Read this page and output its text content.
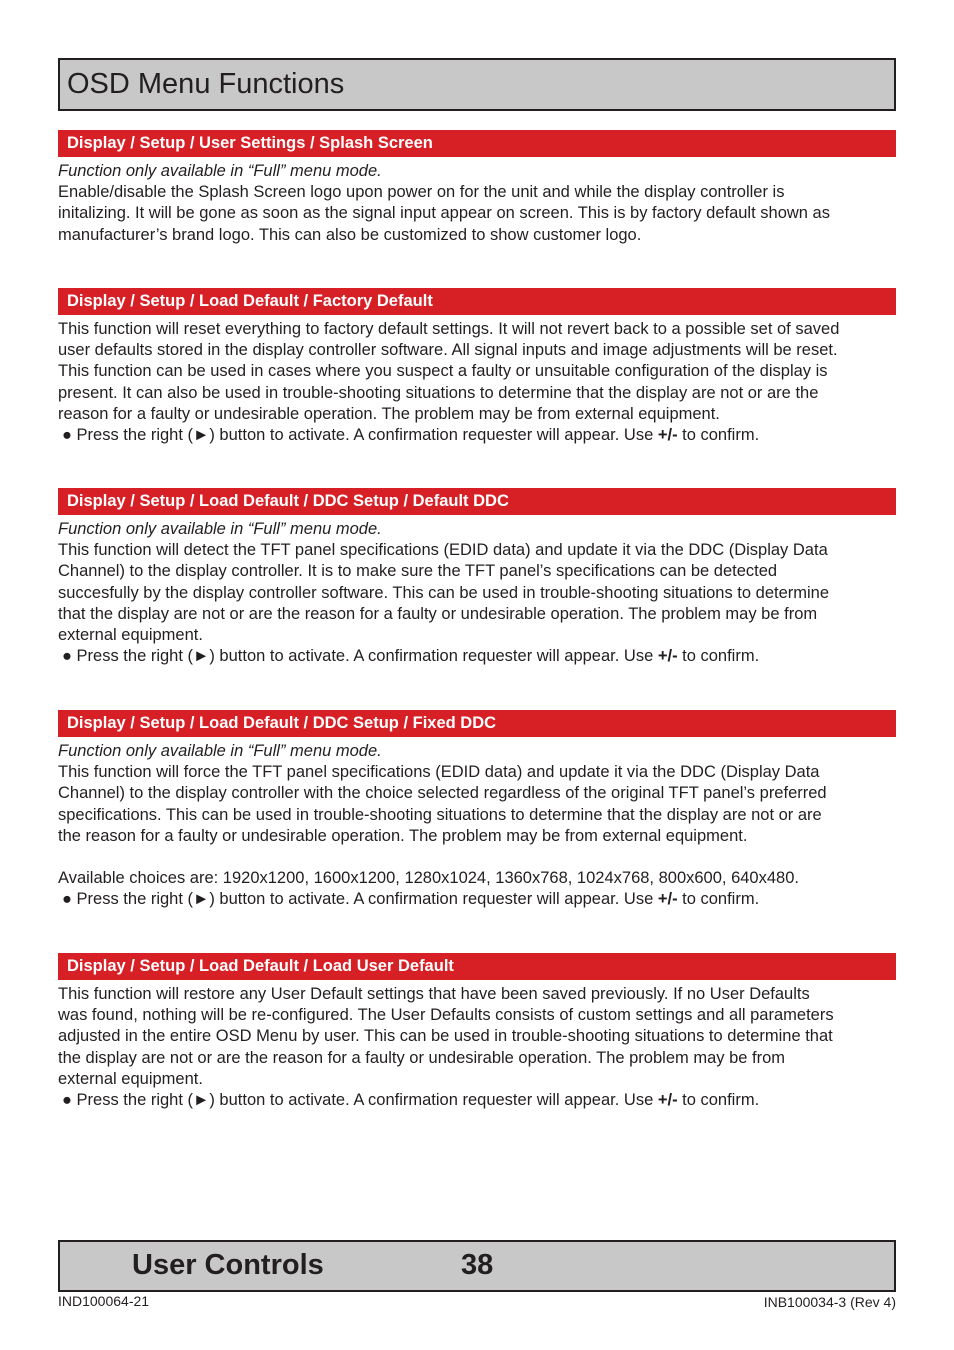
OSD Menu Functions
Display / Setup / User Settings / Splash Screen

Function only available in “Full” menu mode.

Enable/disable the Splash Screen logo upon power on for the unit and while the display controller is

initalizing. It will be gone as soon as the signal input appear on screen. This is by factory default shown as

manufacturer’s brand logo. This can also be customized to show customer logo.

Display / Setup / Load Default / Factory Default

This function will reset everything to factory default settings. It will not revert back to a possible set of saved

user defaults stored in the display controller software. All signal inputs and image adjustments will be reset.

This function can be used in cases where you suspect a faulty or unsuitable configuration of the display is

present. It can also be used in trouble-shooting situations to determine that the display are not or are the

reason for a faulty or undesirable operation. The problem may be from external equipment.

● Press the right (►) button to activate. A confirmation requester will appear. Use +/- to confirm.

Display / Setup / Load Default / DDC Setup / Default DDC

Function only available in “Full” menu mode.

This function will detect the TFT panel specifications (EDID data) and update it via the DDC (Display Data

Channel) to the display controller. It is to make sure the TFT panel’s specifications can be detected

succesfully by the display controller software. This can be used in trouble-shooting situations to determine

that the display are not or are the reason for a faulty or undesirable operation. The problem may be from

external equipment.

● Press the right (►) button to activate. A confirmation requester will appear. Use +/- to confirm.

Display / Setup / Load Default / DDC Setup / Fixed DDC

Function only available in “Full” menu mode.

This function will force the TFT panel specifications (EDID data) and update it via the DDC (Display Data

Channel) to the display controller with the choice selected regardless of the original TFT panel’s preferred

specifications. This can be used in trouble-shooting situations to determine that the display are not or are

the reason for a faulty or undesirable operation. The problem may be from external equipment.

Available choices are: 1920x1200, 1600x1200, 1280x1024, 1360x768, 1024x768, 800x600, 640x480.

● Press the right (►) button to activate. A confirmation requester will appear. Use +/- to confirm.

Display / Setup / Load Default / Load User Default

This function will restore any User Default settings that have been saved previously. If no User Defaults

was found, nothing will be re-configured. The User Defaults consists of custom settings and all parameters

adjusted in the entire OSD Menu by user. This can be used in trouble-shooting situations to determine that

the display are not or are the reason for a faulty or undesirable operation. The problem may be from

external equipment.

● Press the right (►) button to activate. A confirmation requester will appear. Use +/- to confirm.

User Controls	38
IND100064-21	INB100034-3 (Rev 4)
